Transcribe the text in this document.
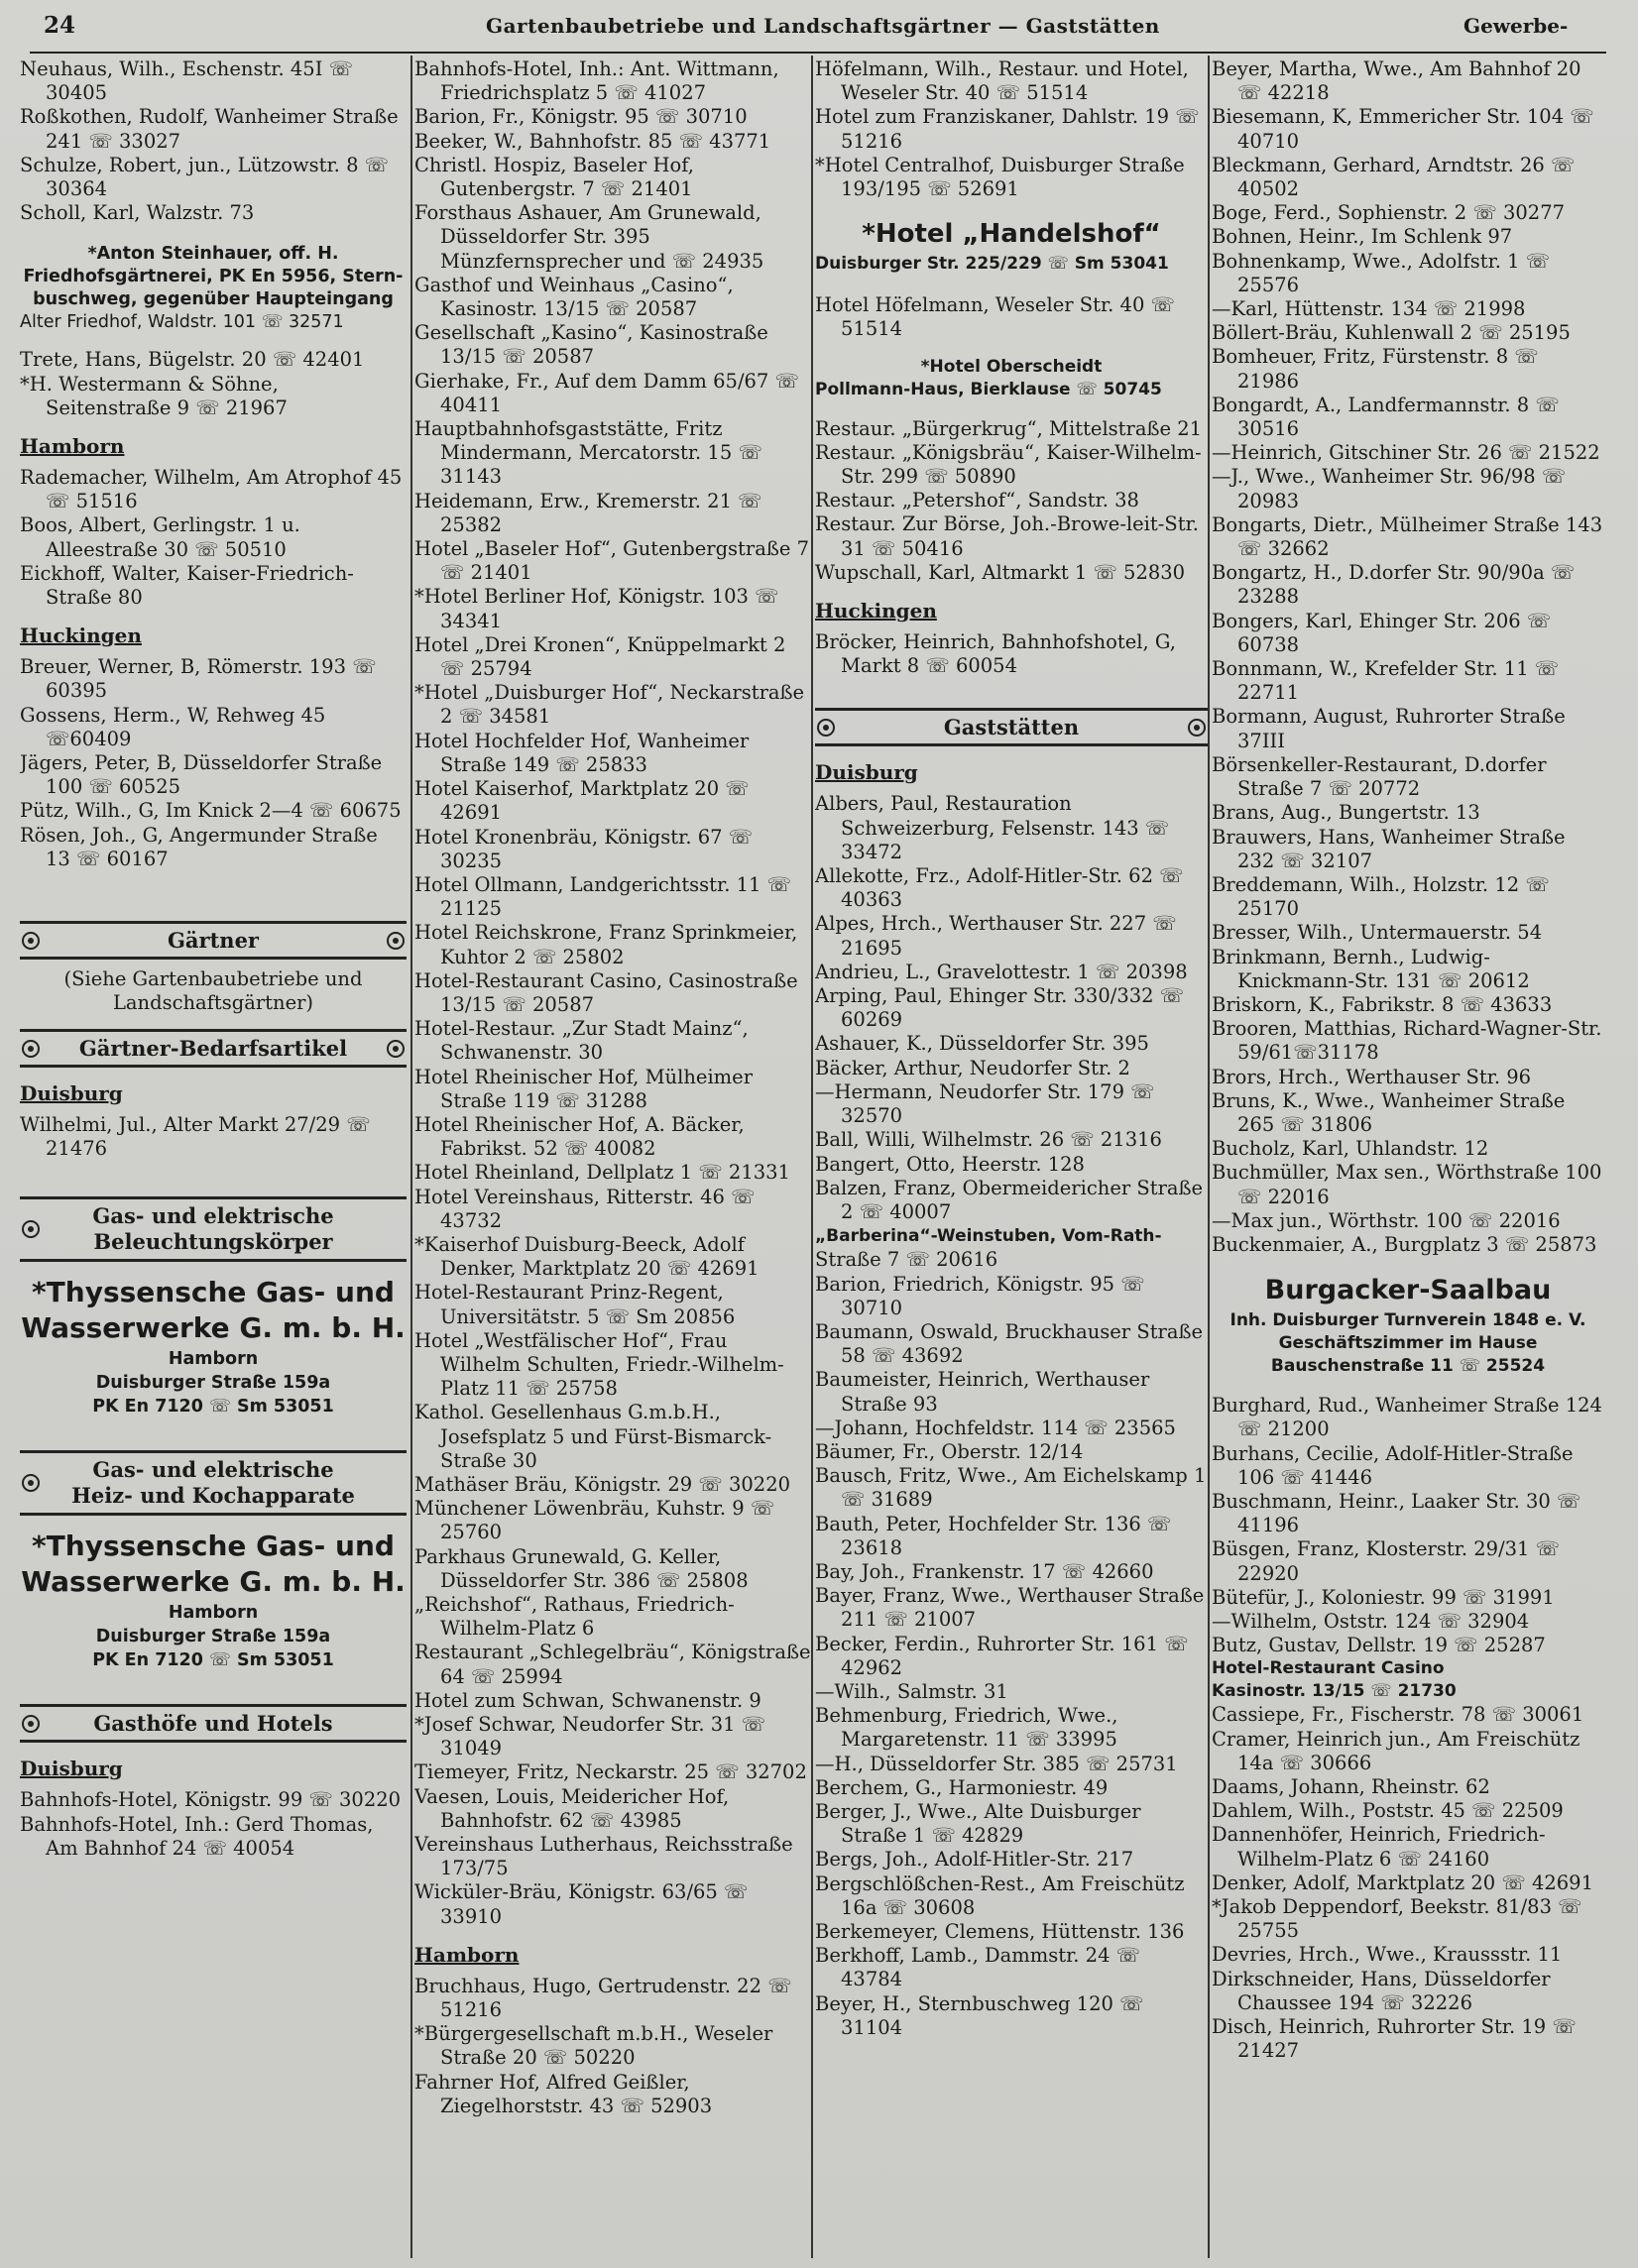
24	Gartenbaubetriebe und Landschaftsgärtner — Gaststätten	Gewerbe-

Neuhaus, Wilh., Eschenstr. 45I ☏ 30405

Roßkothen, Rudolf, Wanheimer Straße 241 ☏ 33027

Schulze, Robert, jun., Lützowstr. 8 ☏ 30364

Scholl, Karl, Walzstr. 73

*Anton Steinhauer, off. H.

Friedhofsgärtnerei, PK En 5956, Stern-

buschweg, gegenüber Haupteingang

Alter Friedhof, Waldstr. 101 ☏ 32571

Trete, Hans, Bügelstr. 20 ☏ 42401

*H. Westermann & Söhne, Seitenstraße 9 ☏ 21967

Hamborn

Rademacher, Wilhelm, Am Atrophof 45 ☏ 51516

Boos, Albert, Gerlingstr. 1 u. Alleestraße 30 ☏ 50510

Eickhoff, Walter, Kaiser-Friedrich-Straße 80

Huckingen

Breuer, Werner, B, Römerstr. 193 ☏ 60395

Gossens, Herm., W, Rehweg 45 ☏60409

Jägers, Peter, B, Düsseldorfer Straße 100 ☏ 60525

Pütz, Wilh., G, Im Knick 2—4 ☏ 60675

Rösen, Joh., G, Angermunder Straße 13 ☏ 60167

Gärtner
(Siehe Gartenbaubetriebe und Landschaftsgärtner)
Gärtner-Bedarfsartikel
Duisburg

Wilhelmi, Jul., Alter Markt 27/29 ☏ 21476

Gas- und elektrische
Beleuchtungskörper
*Thyssensche Gas- und
Wasserwerke G. m. b. H.
Hamborn
Duisburger Straße 159a
PK En 7120 ☏ Sm 53051
Gas- und elektrische
Heiz- und Kochapparate
*Thyssensche Gas- und
Wasserwerke G. m. b. H.
Hamborn
Duisburger Straße 159a
PK En 7120 ☏ Sm 53051
Gasthöfe und Hotels
Duisburg

Bahnhofs-Hotel, Königstr. 99 ☏ 30220

Bahnhofs-Hotel, Inh.: Gerd Thomas, Am Bahnhof 24 ☏ 40054

Bahnhofs-Hotel, Inh.: Ant. Wittmann, Friedrichsplatz 5 ☏ 41027

Barion, Fr., Königstr. 95 ☏ 30710

Beeker, W., Bahnhofstr. 85 ☏ 43771

Christl. Hospiz, Baseler Hof, Gutenbergstr. 7 ☏ 21401

Forsthaus Ashauer, Am Grunewald, Düsseldorfer Str. 395 Münzfernsprecher und ☏ 24935

Gasthof und Weinhaus „Casino“, Kasinostr. 13/15 ☏ 20587

Gesellschaft „Kasino“, Kasinostraße 13/15 ☏ 20587

Gierhake, Fr., Auf dem Damm 65/67 ☏ 40411

Hauptbahnhofsgaststätte, Fritz Mindermann, Mercatorstr. 15 ☏ 31143

Heidemann, Erw., Kremerstr. 21 ☏ 25382

Hotel „Baseler Hof“, Gutenbergstraße 7 ☏ 21401

*Hotel Berliner Hof, Königstr. 103 ☏ 34341

Hotel „Drei Kronen“, Knüppelmarkt 2 ☏ 25794

*Hotel „Duisburger Hof“, Neckarstraße 2 ☏ 34581

Hotel Hochfelder Hof, Wanheimer Straße 149 ☏ 25833

Hotel Kaiserhof, Marktplatz 20 ☏ 42691

Hotel Kronenbräu, Königstr. 67 ☏ 30235

Hotel Ollmann, Landgerichtsstr. 11 ☏ 21125

Hotel Reichskrone, Franz Sprinkmeier, Kuhtor 2 ☏ 25802

Hotel-Restaurant Casino, Casinostraße 13/15 ☏ 20587

Hotel-Restaur. „Zur Stadt Mainz“, Schwanenstr. 30

Hotel Rheinischer Hof, Mülheimer Straße 119 ☏ 31288

Hotel Rheinischer Hof, A. Bäcker, Fabrikst. 52 ☏ 40082

Hotel Rheinland, Dellplatz 1 ☏ 21331

Hotel Vereinshaus, Ritterstr. 46 ☏ 43732

*Kaiserhof Duisburg-Beeck, Adolf Denker, Marktplatz 20 ☏ 42691

Hotel-Restaurant Prinz-Regent, Universitätstr. 5 ☏ Sm 20856

Hotel „Westfälischer Hof“, Frau Wilhelm Schulten, Friedr.-Wilhelm-Platz 11 ☏ 25758

Kathol. Gesellenhaus G.m.b.H., Josefsplatz 5 und Fürst-Bismarck-Straße 30

Mathäser Bräu, Königstr. 29 ☏ 30220

Münchener Löwenbräu, Kuhstr. 9 ☏ 25760

Parkhaus Grunewald, G. Keller, Düsseldorfer Str. 386 ☏ 25808

„Reichshof“, Rathaus, Friedrich-Wilhelm-Platz 6

Restaurant „Schlegelbräu“, Königstraße 64 ☏ 25994

Hotel zum Schwan, Schwanenstr. 9

*Josef Schwar, Neudorfer Str. 31 ☏ 31049

Tiemeyer, Fritz, Neckarstr. 25 ☏ 32702

Vaesen, Louis, Meidericher Hof, Bahnhofstr. 62 ☏ 43985

Vereinshaus Lutherhaus, Reichsstraße 173/75

Wicküler-Bräu, Königstr. 63/65 ☏ 33910

Hamborn

Bruchhaus, Hugo, Gertrudenstr. 22 ☏ 51216

*Bürgergesellschaft m.b.H., Weseler Straße 20 ☏ 50220

Fahrner Hof, Alfred Geißler, Ziegelhorststr. 43 ☏ 52903

Höfelmann, Wilh., Restaur. und Hotel, Weseler Str. 40 ☏ 51514

Hotel zum Franziskaner, Dahlstr. 19 ☏ 51216

*Hotel Centralhof, Duisburger Straße 193/195 ☏ 52691

*Hotel „Handelshof“

Duisburger Str. 225/229 ☏ Sm 53041

Hotel Höfelmann, Weseler Str. 40 ☏ 51514

*Hotel Oberscheidt

Pollmann-Haus, Bierklause ☏ 50745

Restaur. „Bürgerkrug“, Mittelstraße 21

Restaur. „Königsbräu“, Kaiser-Wilhelm-Str. 299 ☏ 50890

Restaur. „Petershof“, Sandstr. 38

Restaur. Zur Börse, Joh.-Browe-leit-Str. 31 ☏ 50416

Wupschall, Karl, Altmarkt 1 ☏ 52830

Huckingen

Bröcker, Heinrich, Bahnhofshotel, G, Markt 8 ☏ 60054

Gaststätten
Duisburg

Albers, Paul, Restauration Schweizerburg, Felsenstr. 143 ☏ 33472

Allekotte, Frz., Adolf-Hitler-Str. 62 ☏ 40363

Alpes, Hrch., Werthauser Str. 227 ☏ 21695

Andrieu, L., Gravelottestr. 1 ☏ 20398

Arping, Paul, Ehinger Str. 330/332 ☏ 60269

Ashauer, K., Düsseldorfer Str. 395

Bäcker, Arthur, Neudorfer Str. 2

—Hermann, Neudorfer Str. 179 ☏ 32570

Ball, Willi, Wilhelmstr. 26 ☏ 21316

Bangert, Otto, Heerstr. 128

Balzen, Franz, Obermeidericher Straße 2 ☏ 40007

„Barberina“-Weinstuben, Vom-Rath-

Straße 7 ☏ 20616

Barion, Friedrich, Königstr. 95 ☏ 30710

Baumann, Oswald, Bruckhauser Straße 58 ☏ 43692

Baumeister, Heinrich, Werthauser Straße 93

—Johann, Hochfeldstr. 114 ☏ 23565

Bäumer, Fr., Oberstr. 12/14

Bausch, Fritz, Wwe., Am Eichelskamp 1 ☏ 31689

Bauth, Peter, Hochfelder Str. 136 ☏ 23618

Bay, Joh., Frankenstr. 17 ☏ 42660

Bayer, Franz, Wwe., Werthauser Straße 211 ☏ 21007

Becker, Ferdin., Ruhrorter Str. 161 ☏ 42962

—Wilh., Salmstr. 31

Behmenburg, Friedrich, Wwe., Margaretenstr. 11 ☏ 33995

—H., Düsseldorfer Str. 385 ☏ 25731

Berchem, G., Harmoniestr. 49

Berger, J., Wwe., Alte Duisburger Straße 1 ☏ 42829

Bergs, Joh., Adolf-Hitler-Str. 217

Bergschlößchen-Rest., Am Freischütz 16a ☏ 30608

Berkemeyer, Clemens, Hüttenstr. 136

Berkhoff, Lamb., Dammstr. 24 ☏ 43784

Beyer, H., Sternbuschweg 120 ☏ 31104

Beyer, Martha, Wwe., Am Bahnhof 20 ☏ 42218

Biesemann, K, Emmericher Str. 104 ☏ 40710

Bleckmann, Gerhard, Arndtstr. 26 ☏ 40502

Boge, Ferd., Sophienstr. 2 ☏ 30277

Bohnen, Heinr., Im Schlenk 97

Bohnenkamp, Wwe., Adolfstr. 1 ☏ 25576

—Karl, Hüttenstr. 134 ☏ 21998

Böllert-Bräu, Kuhlenwall 2 ☏ 25195

Bomheuer, Fritz, Fürstenstr. 8 ☏ 21986

Bongardt, A., Landfermannstr. 8 ☏ 30516

—Heinrich, Gitschiner Str. 26 ☏ 21522

—J., Wwe., Wanheimer Str. 96/98 ☏ 20983

Bongarts, Dietr., Mülheimer Straße 143 ☏ 32662

Bongartz, H., D.dorfer Str. 90/90a ☏ 23288

Bongers, Karl, Ehinger Str. 206 ☏ 60738

Bonnmann, W., Krefelder Str. 11 ☏ 22711

Bormann, August, Ruhrorter Straße 37III

Börsenkeller-Restaurant, D.dorfer Straße 7 ☏ 20772

Brans, Aug., Bungertstr. 13

Brauwers, Hans, Wanheimer Straße 232 ☏ 32107

Breddemann, Wilh., Holzstr. 12 ☏ 25170

Bresser, Wilh., Untermauerstr. 54

Brinkmann, Bernh., Ludwig-Knickmann-Str. 131 ☏ 20612

Briskorn, K., Fabrikstr. 8 ☏ 43633

Brooren, Matthias, Richard-Wagner-Str. 59/61☏31178

Brors, Hrch., Werthauser Str. 96

Bruns, K., Wwe., Wanheimer Straße 265 ☏ 31806

Bucholz, Karl, Uhlandstr. 12

Buchmüller, Max sen., Wörthstraße 100 ☏ 22016

—Max jun., Wörthstr. 100 ☏ 22016

Buckenmaier, A., Burgplatz 3 ☏ 25873

Burgacker-Saalbau

Inh. Duisburger Turnverein 1848 e. V.

Geschäftszimmer im Hause

Bauschenstraße 11 ☏ 25524

Burghard, Rud., Wanheimer Straße 124 ☏ 21200

Burhans, Cecilie, Adolf-Hitler-Straße 106 ☏ 41446

Buschmann, Heinr., Laaker Str. 30 ☏ 41196

Büsgen, Franz, Klosterstr. 29/31 ☏ 22920

Bütefür, J., Koloniestr. 99 ☏ 31991

—Wilhelm, Oststr. 124 ☏ 32904

Butz, Gustav, Dellstr. 19 ☏ 25287

Hotel-Restaurant Casino

Kasinostr. 13/15 ☏ 21730

Cassiepe, Fr., Fischerstr. 78 ☏ 30061

Cramer, Heinrich jun., Am Freischütz 14a ☏ 30666

Daams, Johann, Rheinstr. 62

Dahlem, Wilh., Poststr. 45 ☏ 22509

Dannenhöfer, Heinrich, Friedrich-Wilhelm-Platz 6 ☏ 24160

Denker, Adolf, Marktplatz 20 ☏ 42691

*Jakob Deppendorf, Beekstr. 81/83 ☏ 25755

Devries, Hrch., Wwe., Kraussstr. 11

Dirkschneider, Hans, Düsseldorfer Chaussee 194 ☏ 32226

Disch, Heinrich, Ruhrorter Str. 19 ☏ 21427
